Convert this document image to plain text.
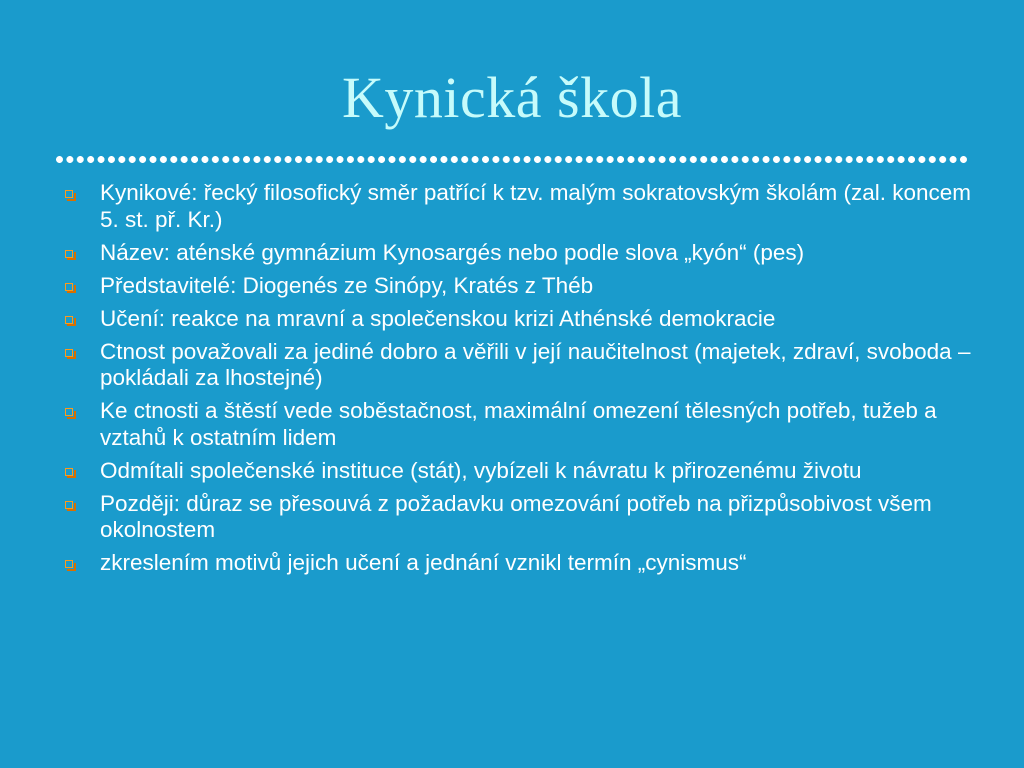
Kynická škola
Kynikové: řecký filosofický směr patřící k tzv. malým sokratovským školám (zal. koncem 5. st. př. Kr.)
Název: aténské gymnázium Kynosargés nebo podle slova „kyón“ (pes)
Představitelé: Diogenés ze Sinópy, Kratés z Théb
Učení: reakce na mravní a společenskou krizi Athénské demokracie
Ctnost považovali za jediné dobro a věřili v její naučitelnost (majetek, zdraví, svoboda – pokládali za lhostejné)
Ke ctnosti a štěstí vede soběstačnost, maximální omezení tělesných potřeb, tužeb a vztahů k ostatním lidem
Odmítali společenské instituce (stát), vybízeli k návratu k přirozenému životu
Později: důraz se přesouvá z požadavku omezování potřeb na přizpůsobivost všem okolnostem
zkreslením motivů jejich učení a jednání vznikl termín „cynismus“
